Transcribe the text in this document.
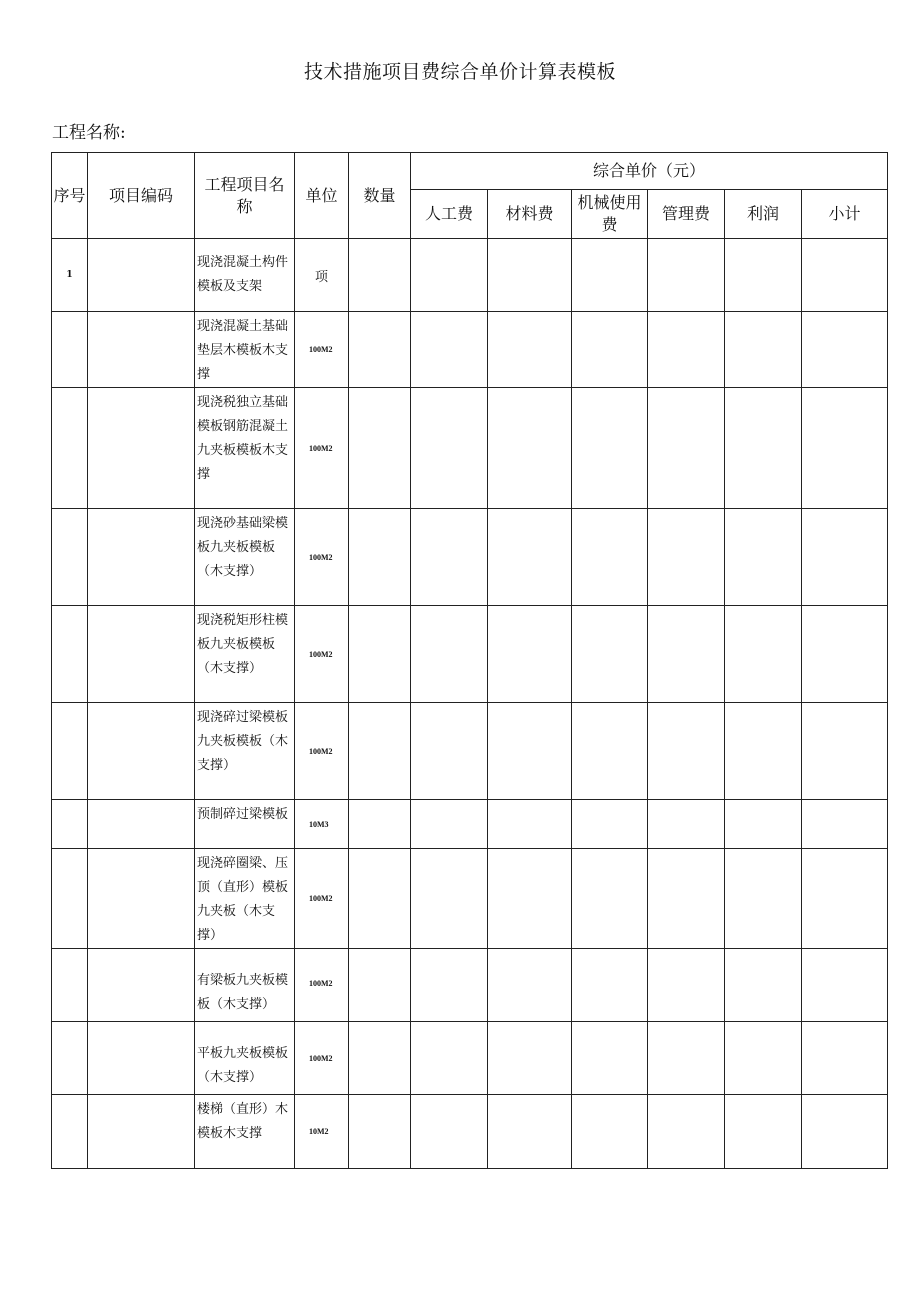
技术措施项目费综合单价计算表模板
工程名称:
序号	项目编码	工程项目名称	单位	数量	综合单价（元）					
					人工费	材料费	机械使用费	管理费	利润	小计
1		现浇混凝土构件模板及支架	项							
		现浇混凝土基础垫层木模板木支撑	100M2							
		现浇税独立基础模板钢筋混凝土九夹板模板木支撑	100M2							
		现浇砂基础梁模板九夹板模板（木支撑）	100M2							
		现浇税矩形柱模板九夹板模板（木支撑）	100M2							
		现浇碎过梁模板九夹板模板（木支撑）	100M2							
		预制碎过梁模板	10M3							
		现浇碎圈梁、压顶（直形）模板九夹板（木支撑）	100M2							
		有梁板九夹板模板（木支撑）	100M2							
		平板九夹板模板（木支撑）	100M2							
		楼梯（直形）木模板木支撑	10M2							
